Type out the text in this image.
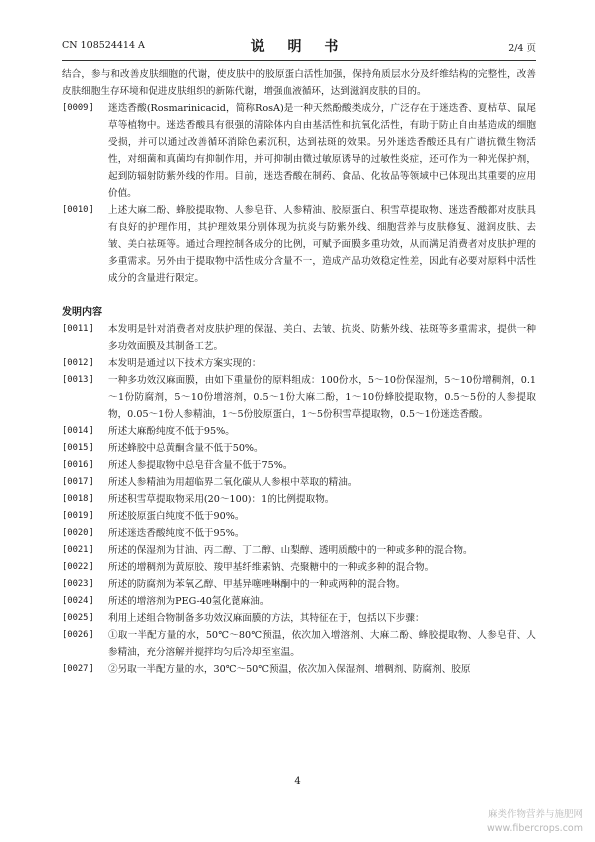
CN 108524414 A	说 明 书	2/4 页
结合，参与和改善皮肤细胞的代谢，使皮肤中的胶原蛋白活性加强，保持角质层水分及纤维结构的完整性，改善皮肤细胞生存环境和促进皮肤组织的新陈代谢，增强血液循环，达到滋润皮肤的目的。
[0009]	迷迭香酸(Rosmarinicacid，简称RosA)是一种天然酚酸类成分，广泛存在于迷迭香、夏枯草、鼠尾草等植物中。迷迭香酸具有很强的清除体内自由基活性和抗氧化活性，有助于防止自由基造成的细胞受损，并可以通过改善循环消除色素沉积，达到祛斑的效果。另外迷迭香酸还具有广谱抗微生物活性，对细菌和真菌均有抑制作用，并可抑制由微过敏原诱导的过敏性炎症，还可作为一种光保护剂，起到防辐射防紫外线的作用。目前，迷迭香酸在制药、食品、化妆品等领域中已体现出其重要的应用价值。
[0010]	上述大麻二酚、蜂胶提取物、人参皂苷、人参精油、胶原蛋白、积雪草提取物、迷迭香酸都对皮肤具有良好的护理作用，其护理效果分别体现为抗炎与防紫外线、细胞营养与皮肤修复、滋润皮肤、去皱、美白祛斑等。通过合理控制各成分的比例，可赋予面膜多重功效，从而满足消费者对皮肤护理的多重需求。另外由于提取物中活性成分含量不一，造成产品功效稳定性差，因此有必要对原料中活性成分的含量进行限定。
发明内容
[0011]	本发明是针对消费者对皮肤护理的保湿、美白、去皱、抗炎、防紫外线、祛斑等多重需求，提供一种多功效面膜及其制备工艺。
[0012]	本发明是通过以下技术方案实现的：
[0013]	一种多功效汉麻面膜，由如下重量份的原料组成：100份水，5～10份保湿剂，5～10份增稠剂，0.1～1份防腐剂，5～10份增溶剂，0.5～1份大麻二酚，1～10份蜂胶提取物，0.5～5份的人参提取物，0.05～1份人参精油，1～5份胶原蛋白，1～5份积雪草提取物，0.5～1份迷迭香酸。
[0014]	所述大麻酚纯度不低于95%。
[0015]	所述蜂胶中总黄酮含量不低于50%。
[0016]	所述人参提取物中总皂苷含量不低于75%。
[0017]	所述人参精油为用超临界二氧化碳从人参根中萃取的精油。
[0018]	所述积雪草提取物采用(20～100)：1的比例提取物。
[0019]	所述胶原蛋白纯度不低于90%。
[0020]	所述迷迭香酸纯度不低于95%。
[0021]	所述的保湿剂为甘油、丙二醇、丁二醇、山梨醇、透明质酸中的一种或多种的混合物。
[0022]	所述的增稠剂为黄原胶、羧甲基纤维素钠、壳聚糖中的一种或多种的混合物。
[0023]	所述的防腐剂为苯氧乙醇、甲基异噻唑啉酮中的一种或两种的混合物。
[0024]	所述的增溶剂为PEG-40氢化蓖麻油。
[0025]	利用上述组合物制备多功效汉麻面膜的方法，其特征在于，包括以下步骤：
[0026]	①取一半配方量的水，50℃～80℃预温，依次加入增溶剂、大麻二酚、蜂胶提取物、人参皂苷、人参精油，充分溶解并搅拌均匀后冷却至室温。
[0027]	②另取一半配方量的水，30℃～50℃预温，依次加入保湿剂、增稠剂、防腐剂、胶原
4
麻类作物营养与施肥网
www.fibercrops.com
